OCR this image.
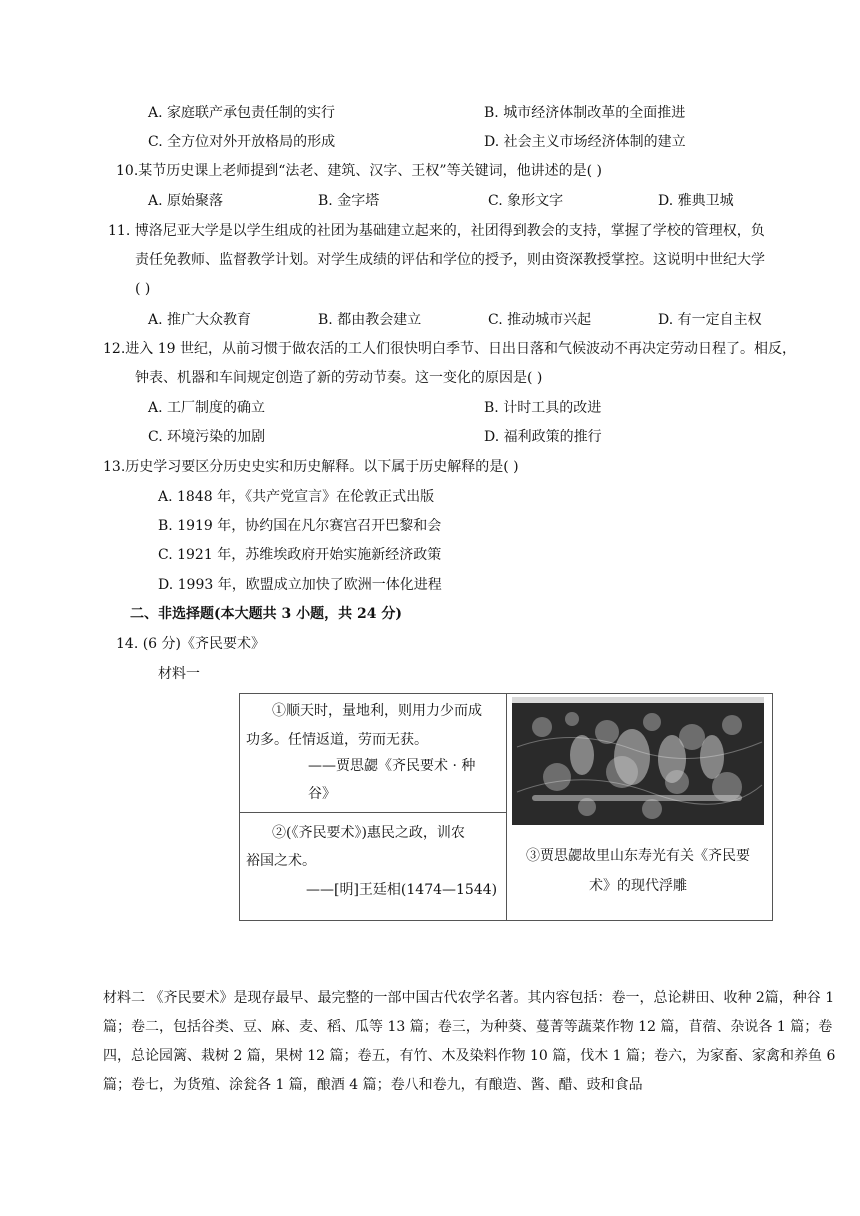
A. 家庭联产承包责任制的实行	B. 城市经济体制改革的全面推进
C. 全方位对外开放格局的形成	D. 社会主义市场经济体制的建立
10.某节历史课上老师提到“法老、建筑、汉字、王权”等关键词，他讲述的是( )
A. 原始聚落	B. 金字塔	C. 象形文字	D. 雅典卫城
11. 博洛尼亚大学是以学生组成的社团为基础建立起来的，社团得到教会的支持，掌握了学校的管理权，负
责任免教师、监督教学计划。对学生成绩的评估和学位的授予，则由资深教授掌控。这说明中世纪大学
( )
A. 推广大众教育	B. 都由教会建立	C. 推动城市兴起	D. 有一定自主权
12.进入 19 世纪，从前习惯于做农活的工人们很快明白季节、日出日落和气候波动不再决定劳动日程了。相反，
钟表、机器和车间规定创造了新的劳动节奏。这一变化的原因是( )
A. 工厂制度的确立	B. 计时工具的改进
C. 环境污染的加剧	D. 福利政策的推行
13.历史学习要区分历史史实和历史解释。以下属于历史解释的是( )
A. 1848 年，《共产党宣言》在伦敦正式出版
B. 1919 年，协约国在凡尔赛宫召开巴黎和会
C. 1921 年，苏维埃政府开始实施新经济政策
D. 1993 年，欧盟成立加快了欧洲一体化进程
二、非选择题(本大题共 3 小题，共 24 分)
14. (6 分)《齐民要术》
材料一
①顺天时，量地利，则用力少而成
功多。任情返道，劳而无获。
——贾思勰《齐民要术 · 种
谷》
②(《齐民要术》)惠民之政，训农
裕国之术。
——[明]王廷相(1474—1544)
③贾思勰故里山东寿光有关《齐民要
术》的现代浮雕
材料二 《齐民要术》是现存最早、最完整的一部中国古代农学名著。其内容包括：卷一，总论耕田、收种 2篇，种谷 1 篇；卷二，包括谷类、豆、麻、麦、稻、瓜等 13 篇；卷三，为种葵、蔓菁等蔬菜作物 12 篇，苜蓿、杂说各 1 篇；卷四，总论园篱、栽树 2 篇，果树 12 篇；卷五，有竹、木及染料作物 10 篇，伐木 1 篇；卷六，为家畜、家禽和养鱼 6 篇；卷七，为货殖、涂瓮各 1 篇，酿酒 4 篇；卷八和卷九，有酿造、酱、醋、豉和食品
